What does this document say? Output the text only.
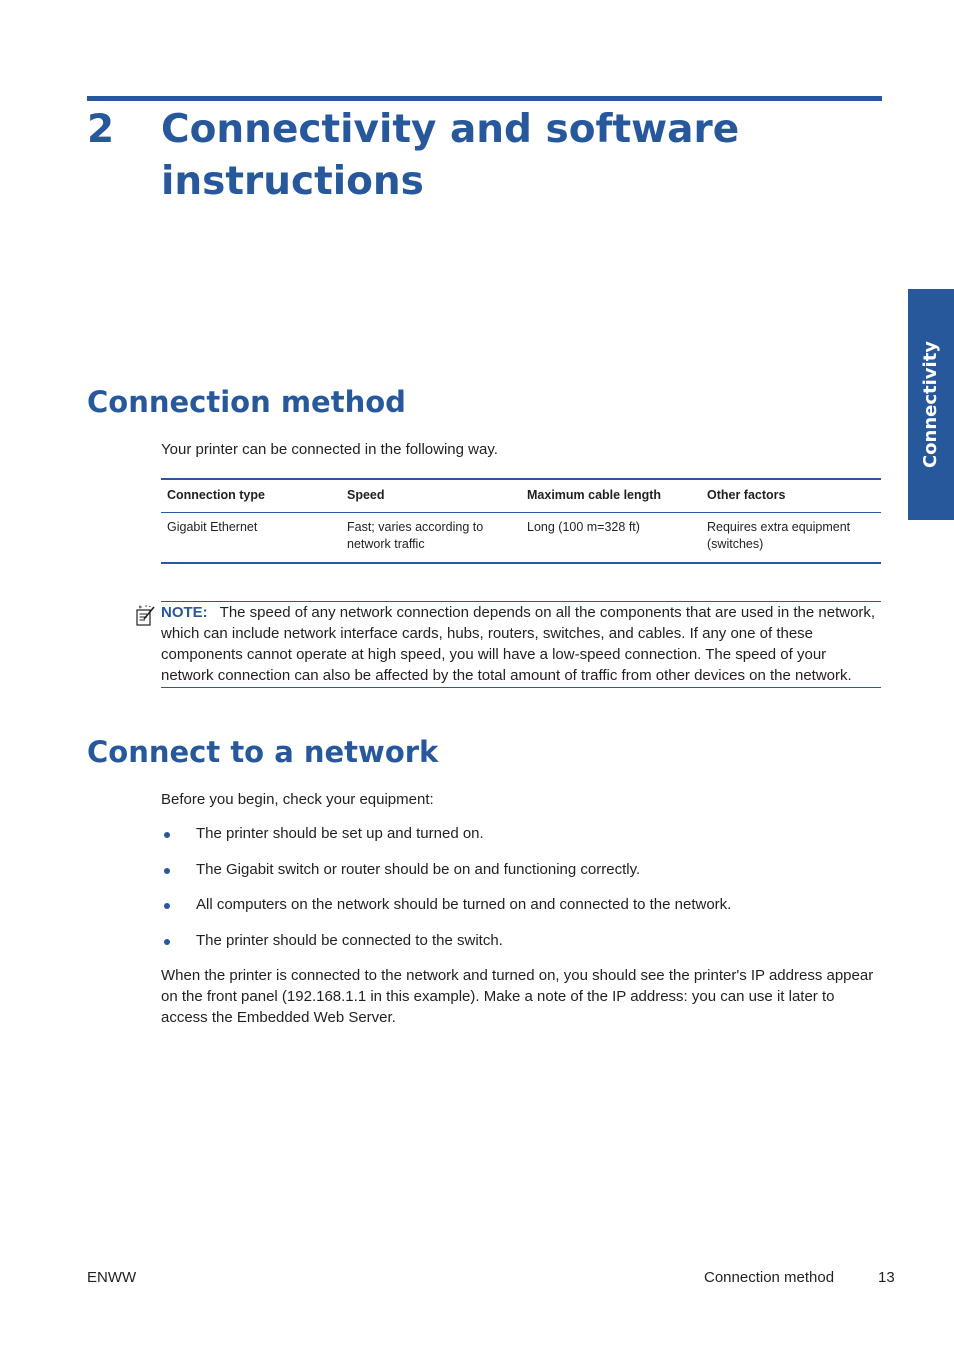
2	Connectivity and software instructions
Connectivity
Connection method

Your printer can be connected in the following way.

Connection type	Speed	Maximum cable length	Other factors
Gigabit Ethernet	Fast; varies according to network traffic	Long (100 m=328 ft)	Requires extra equipment (switches)
NOTE: The speed of any network connection depends on all the components that are used in the network, which can include network interface cards, hubs, routers, switches, and cables. If any one of these components cannot operate at high speed, you will have a low-speed connection. The speed of your network connection can also be affected by the total amount of traffic from other devices on the network.
Connect to a network

Before you begin, check your equipment:

The printer should be set up and turned on.
The Gigabit switch or router should be on and functioning correctly.
All computers on the network should be turned on and connected to the network.
The printer should be connected to the switch.

When the printer is connected to the network and turned on, you should see the printer's IP address appear on the front panel (192.168.1.1 in this example). Make a note of the IP address: you can use it later to access the Embedded Web Server.

ENWW	Connection method	13
